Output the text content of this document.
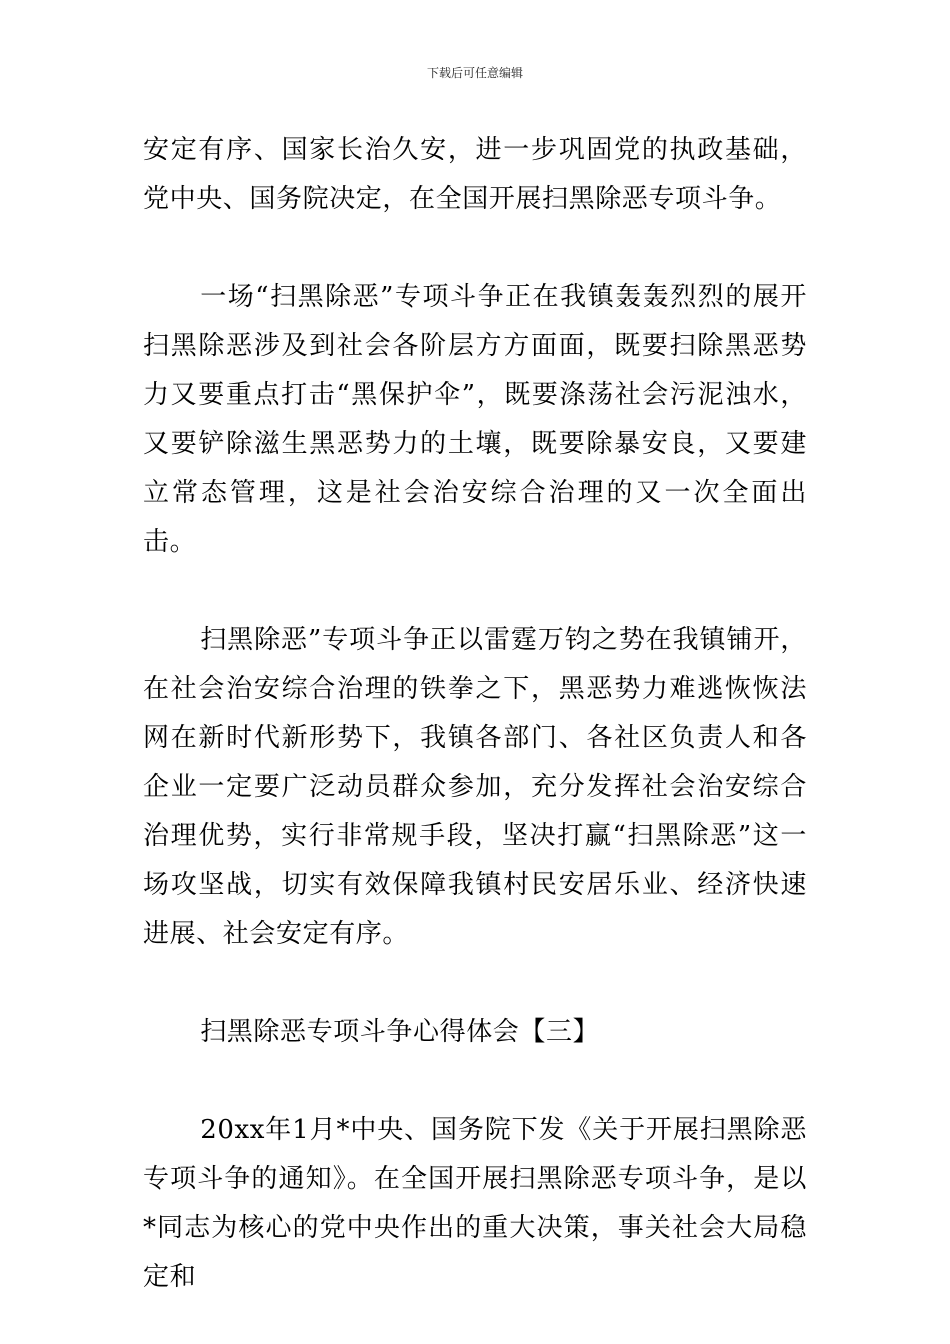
下载后可任意编辑

安定有序、国家长治久安，进一步巩固党的执政基础，党中央、国务院决定，在全国开展扫黑除恶专项斗争。

一场“扫黑除恶”专项斗争正在我镇轰轰烈烈的展开扫黑除恶涉及到社会各阶层方方面面，既要扫除黑恶势力又要重点打击“黑保护伞”，既要涤荡社会污泥浊水，又要铲除滋生黑恶势力的土壤，既要除暴安良，又要建立常态管理，这是社会治安综合治理的又一次全面出击。

扫黑除恶”专项斗争正以雷霆万钧之势在我镇铺开，在社会治安综合治理的铁拳之下，黑恶势力难逃恢恢法网在新时代新形势下，我镇各部门、各社区负责人和各企业一定要广泛动员群众参加，充分发挥社会治安综合治理优势，实行非常规手段，坚决打赢“扫黑除恶”这一场攻坚战，切实有效保障我镇村民安居乐业、经济快速进展、社会安定有序。

扫黑除恶专项斗争心得体会【三】

20xx年1月*中央、国务院下发《关于开展扫黑除恶专项斗争的通知》。在全国开展扫黑除恶专项斗争，是以*同志为核心的党中央作出的重大决策，事关社会大局稳定和
